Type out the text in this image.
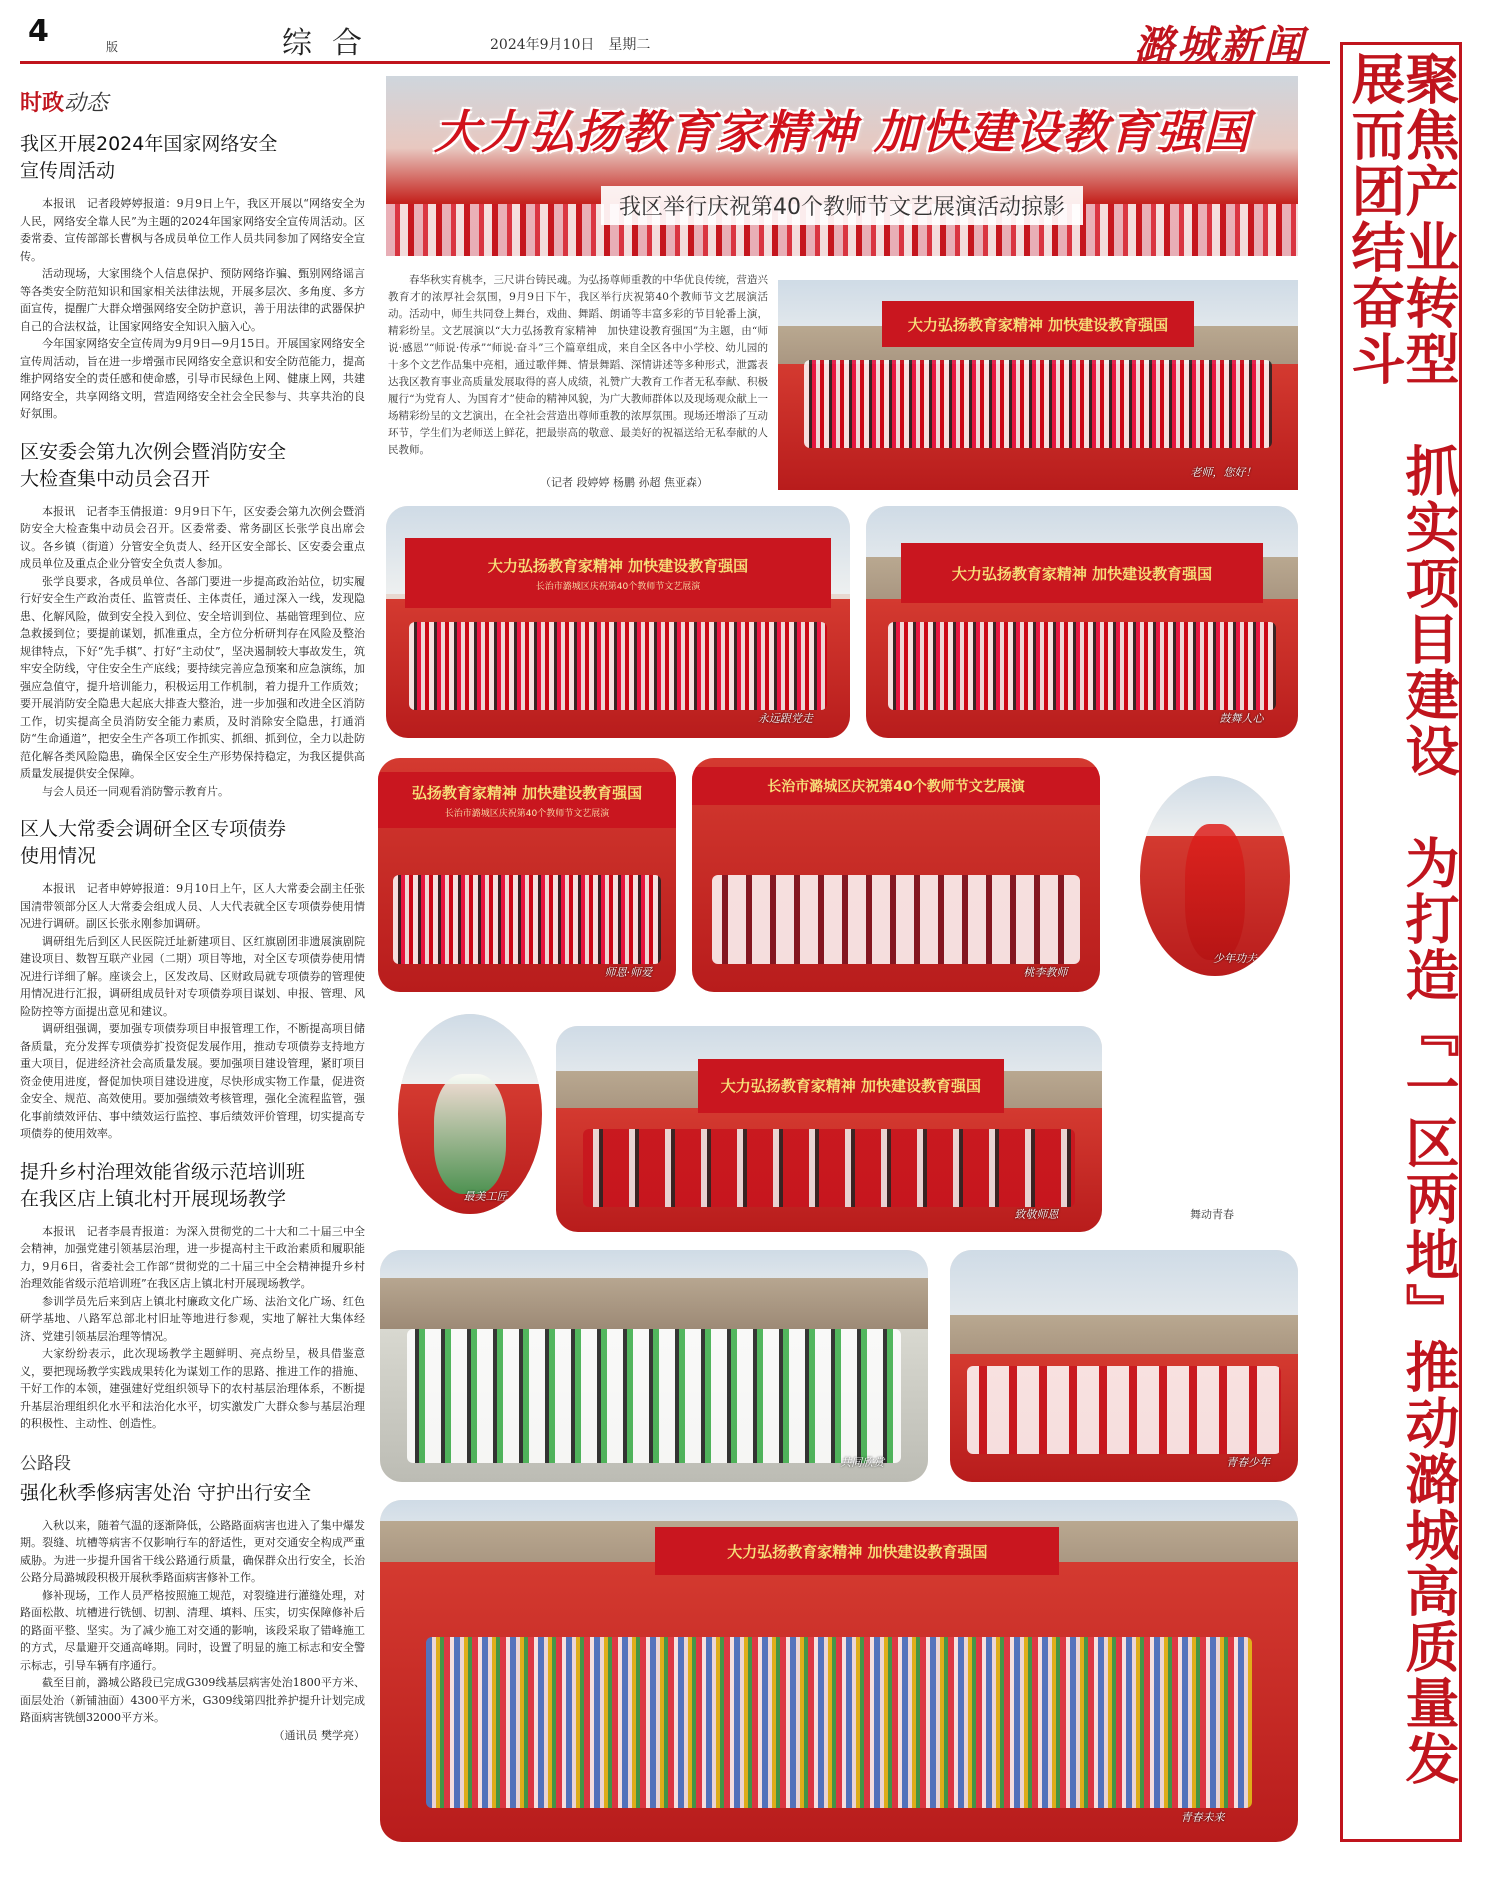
4	版	综合	2024年9月10日　星期二	潞城新闻
聚焦产业转型　抓实项目建设　为打造『一区两地』推动潞城高质量发展而团结奋斗
时政动态
我区开展2024年国家网络安全
宣传周活动

本报讯　记者段婷婷报道：9月9日上午，我区开展以“网络安全为人民，网络安全靠人民”为主题的2024年国家网络安全宣传周活动。区委常委、宣传部部长曹枫与各成员单位工作人员共同参加了网络安全宣传。

活动现场，大家围绕个人信息保护、预防网络诈骗、甄别网络谣言等各类安全防范知识和国家相关法律法规，开展多层次、多角度、多方面宣传，提醒广大群众增强网络安全防护意识，善于用法律的武器保护自己的合法权益，让国家网络安全知识入脑入心。

今年国家网络安全宣传周为9月9日—9月15日。开展国家网络安全宣传周活动，旨在进一步增强市民网络安全意识和安全防范能力，提高维护网络安全的责任感和使命感，引导市民绿色上网、健康上网，共建网络安全，共享网络文明，营造网络安全社会全民参与、共享共治的良好氛围。

区安委会第九次例会暨消防安全
大检查集中动员会召开

本报讯　记者李玉倩报道：9月9日下午，区安委会第九次例会暨消防安全大检查集中动员会召开。区委常委、常务副区长张学良出席会议。各乡镇（街道）分管安全负责人、经开区安全部长、区安委会重点成员单位及重点企业分管安全负责人参加。

张学良要求，各成员单位、各部门要进一步提高政治站位，切实履行好安全生产政治责任、监管责任、主体责任，通过深入一线，发现隐患、化解风险，做到安全投入到位、安全培训到位、基础管理到位、应急救援到位；要提前谋划，抓准重点，全方位分析研判存在风险及整治规律特点，下好“先手棋”、打好“主动仗”，坚决遏制较大事故发生，筑牢安全防线，守住安全生产底线；要持续完善应急预案和应急演练，加强应急值守，提升培训能力，积极运用工作机制，着力提升工作质效；要开展消防安全隐患大起底大排查大整治，进一步加强和改进全区消防工作，切实提高全员消防安全能力素质，及时消除安全隐患，打通消防“生命通道”，把安全生产各项工作抓实、抓细、抓到位，全力以赴防范化解各类风险隐患，确保全区安全生产形势保持稳定，为我区提供高质量发展提供安全保障。

与会人员还一同观看消防警示教育片。

区人大常委会调研全区专项债券
使用情况

本报讯　记者申婷婷报道：9月10日上午，区人大常委会副主任张国清带领部分区人大常委会组成人员、人大代表就全区专项债券使用情况进行调研。副区长张永刚参加调研。

调研组先后到区人民医院迁址新建项目、区红旗剧团非遗展演剧院建设项目、数智互联产业园（二期）项目等地，对全区专项债券使用情况进行详细了解。座谈会上，区发改局、区财政局就专项债券的管理使用情况进行汇报，调研组成员针对专项债券项目谋划、申报、管理、风险防控等方面提出意见和建议。

调研组强调，要加强专项债券项目申报管理工作，不断提高项目储备质量，充分发挥专项债券扩投资促发展作用，推动专项债券支持地方重大项目，促进经济社会高质量发展。要加强项目建设管理，紧盯项目资金使用进度，督促加快项目建设进度，尽快形成实物工作量，促进资金安全、规范、高效使用。要加强绩效考核管理，强化全流程监管，强化事前绩效评估、事中绩效运行监控、事后绩效评价管理，切实提高专项债券的使用效率。

提升乡村治理效能省级示范培训班
在我区店上镇北村开展现场教学

本报讯　记者李晨青报道：为深入贯彻党的二十大和二十届三中全会精神，加强党建引领基层治理，进一步提高村主干政治素质和履职能力，9月6日，省委社会工作部“贯彻党的二十届三中全会精神提升乡村治理效能省级示范培训班”在我区店上镇北村开展现场教学。

参训学员先后来到店上镇北村廉政文化广场、法治文化广场、红色研学基地、八路军总部北村旧址等地进行参观，实地了解社大集体经济、党建引领基层治理等情况。

大家纷纷表示，此次现场教学主题鲜明、亮点纷呈，极具借鉴意义，要把现场教学实践成果转化为谋划工作的思路、推进工作的措施、干好工作的本领，建强建好党组织领导下的农村基层治理体系，不断提升基层治理组织化水平和法治化水平，切实激发广大群众参与基层治理的积极性、主动性、创造性。

公路段
强化秋季修病害处治 守护出行安全

入秋以来，随着气温的逐渐降低，公路路面病害也进入了集中爆发期。裂缝、坑槽等病害不仅影响行车的舒适性，更对交通安全构成严重威胁。为进一步提升国省干线公路通行质量，确保群众出行安全，长治公路分局潞城段积极开展秋季路面病害修补工作。

修补现场，工作人员严格按照施工规范，对裂缝进行灌缝处理，对路面松散、坑槽进行铣刨、切割、清理、填料、压实，切实保障修补后的路面平整、坚实。为了减少施工对交通的影响，该段采取了错峰施工的方式，尽量避开交通高峰期。同时，设置了明显的施工标志和安全警示标志，引导车辆有序通行。

截至目前，潞城公路段已完成G309线基层病害处治1800平方米、面层处治（新铺油面）4300平方米，G309线第四批养护提升计划完成路面病害铣刨32000平方米。

（通讯员 樊学亮）

大力弘扬教育家精神 加快建设教育强国
我区举行庆祝第40个教师节文艺展演活动掠影

春华秋实育桃李，三尺讲台铸民魂。为弘扬尊师重教的中华优良传统，营造兴教育才的浓厚社会氛围，9月9日下午，我区举行庆祝第40个教师节文艺展演活动。活动中，师生共同登上舞台，戏曲、舞蹈、朗诵等丰富多彩的节目轮番上演，精彩纷呈。文艺展演以“大力弘扬教育家精神　加快建设教育强国”为主题，由“师说·感恩”“师说·传承”“师说·奋斗”三个篇章组成，来自全区各中小学校、幼儿园的十多个文艺作品集中亮相，通过歌伴舞、情景舞蹈、深情讲述等多种形式，泄露表达我区教育事业高质量发展取得的喜人成绩，礼赞广大教育工作者无私奉献、积极履行“为党育人、为国育才”使命的精神风貌，为广大教师群体以及现场观众献上一场精彩纷呈的文艺演出，在全社会营造出尊师重教的浓厚氛围。现场还增添了互动环节，学生们为老师送上鲜花，把最崇高的敬意、最美好的祝福送给无私奉献的人民教师。

（记者 段婷婷 杨鹏 孙超 焦亚森）
大力弘扬教育家精神 加快建设教育强国
老师，您好！
大力弘扬教育家精神 加快建设教育强国
长治市潞城区庆祝第40个教师节文艺展演
永远跟党走
大力弘扬教育家精神 加快建设教育强国
鼓舞人心
弘扬教育家精神 加快建设教育强国
长治市潞城区庆祝第40个教师节文艺展演
师恩·师爱
长治市潞城区庆祝第40个教师节文艺展演
桃李教师
少年功夫
最美工匠
大力弘扬教育家精神 加快建设教育强国
致敬师恩	舞动青春
共同欣赏	青春少年
大力弘扬教育家精神 加快建设教育强国
青春未来
